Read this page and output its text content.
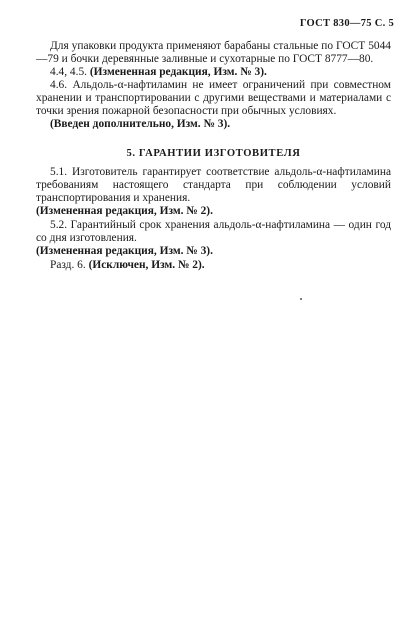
ГОСТ 830—75 С. 5

Для упаковки продукта применяют барабаны стальные по ГОСТ 5044—79 и бочки деревянные заливные и сухотарные по ГОСТ 8777—80.

4.4, 4.5. (Измененная редакция, Изм. № 3).

4.6. Альдоль-α-нафтиламин не имеет ограничений при совместном хранении и транспортировании с другими веществами и материалами с точки зрения пожарной безопасности при обычных условиях.

(Введен дополнительно, Изм. № 3).

5. ГАРАНТИИ ИЗГОТОВИТЕЛЯ

5.1. Изготовитель гарантирует соответствие альдоль-α-нафтиламина требованиям настоящего стандарта при соблюдении условий транспортирования и хранения.

(Измененная редакция, Изм. № 2).

5.2. Гарантийный срок хранения альдоль-α-нафтиламина — один год со дня изготовления.

(Измененная редакция, Изм. № 3).

Разд. 6. (Исключен, Изм. № 2).
